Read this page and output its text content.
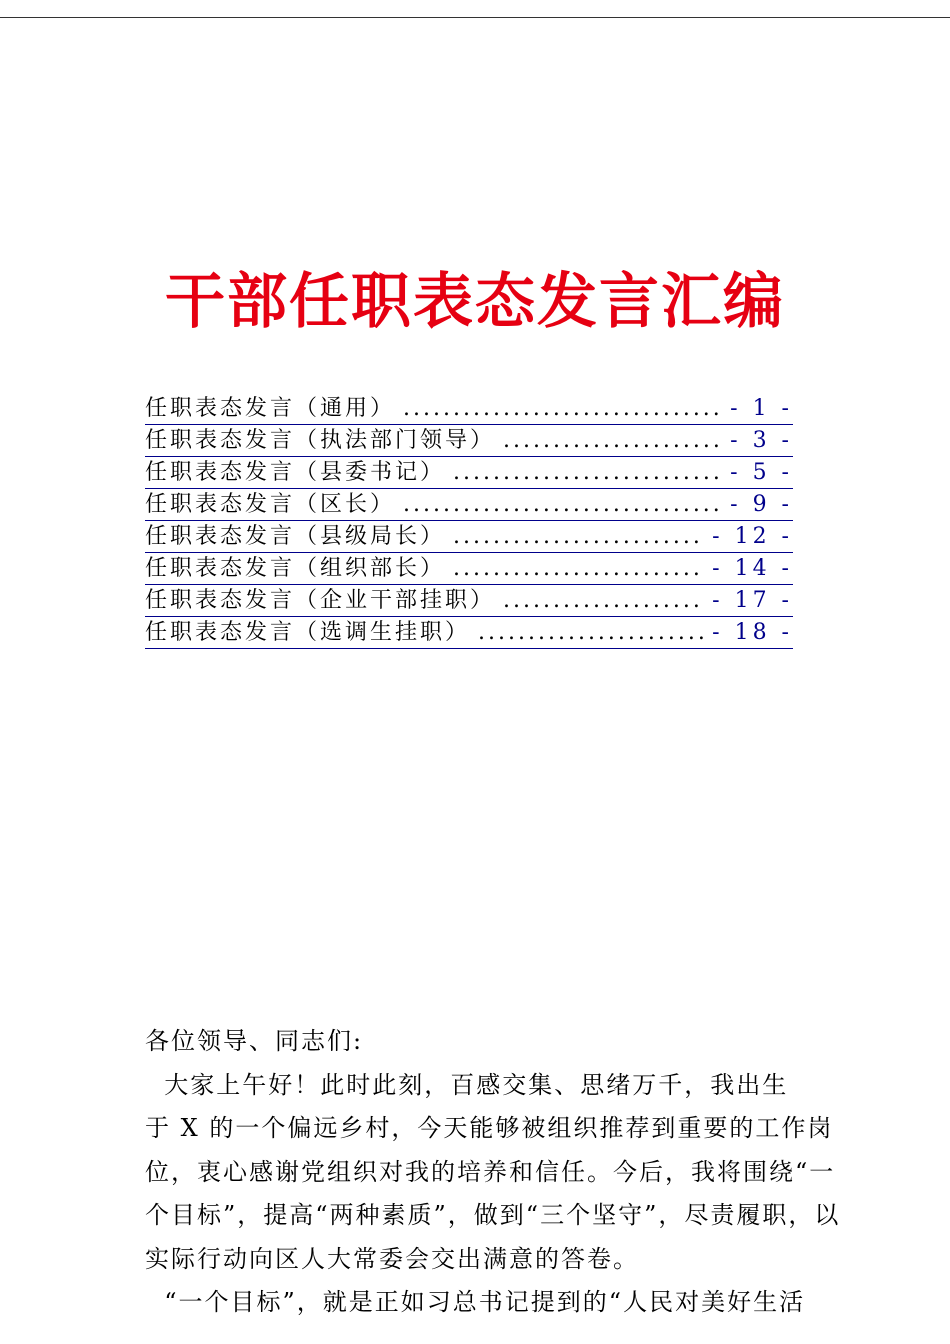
干部任职表态发言汇编
任职表态发言（通用） .....	- 1 -
任职表态发言（执法部门领导） .....	- 3 -
任职表态发言（县委书记） .....	- 5 -
任职表态发言（区长） .....	- 9 -
任职表态发言（县级局长） .....	- 12 -
任职表态发言（组织部长） .....	- 14 -
任职表态发言（企业干部挂职） .....	- 17 -
任职表态发言（选调生挂职） .....	- 18 -

各位领导、同志们:

大家上午好！此时此刻，百感交集、思绪万千，我出生

于 X 的一个偏远乡村，今天能够被组织推荐到重要的工作岗

位，衷心感谢党组织对我的培养和信任。今后，我将围绕“一

个目标”，提高“两种素质”，做到“三个坚守”，尽责履职，以

实际行动向区人大常委会交出满意的答卷。

“一个目标”，就是正如习总书记提到的“人民对美好生活
